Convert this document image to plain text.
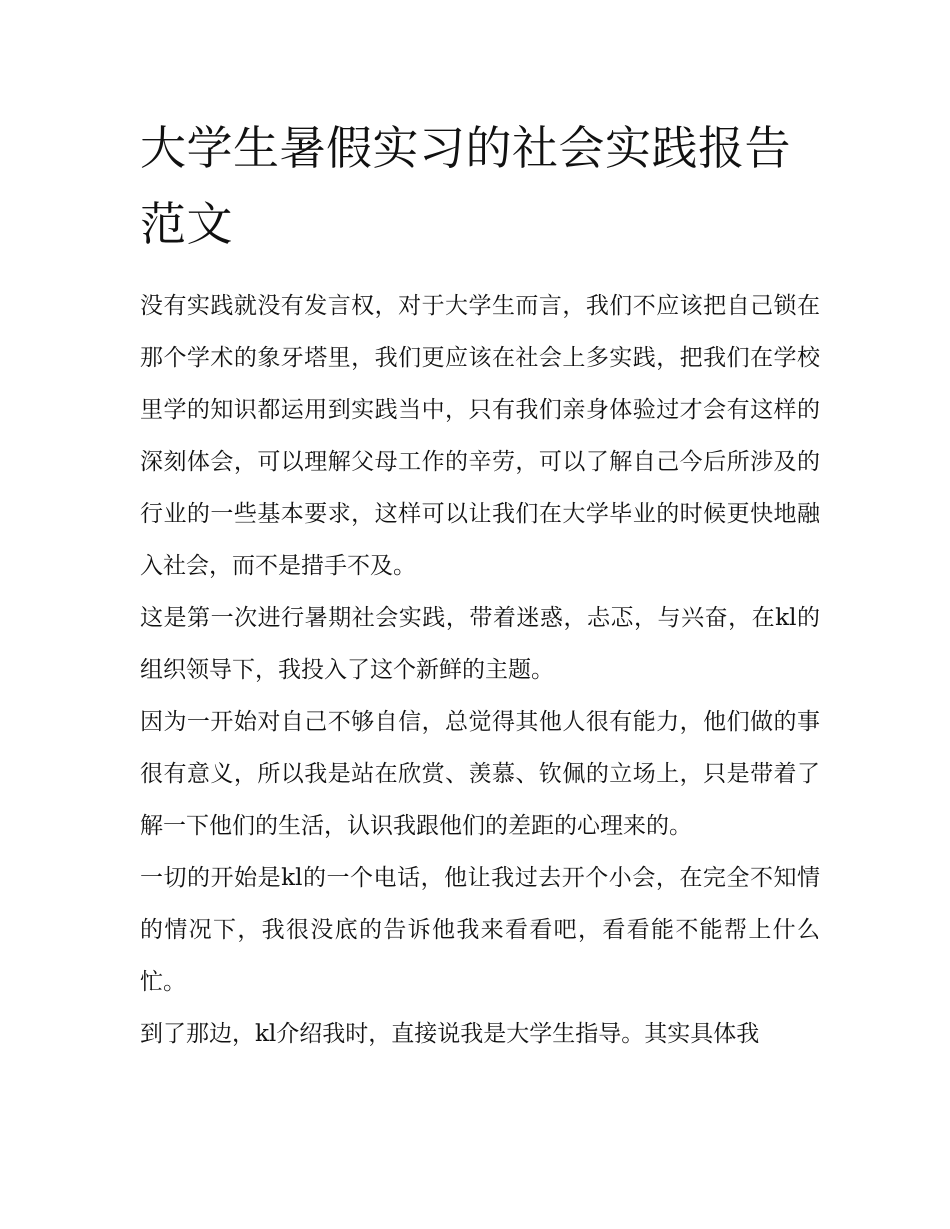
大学生暑假实习的社会实践报告范文

没有实践就没有发言权，对于大学生而言，我们不应该把自己锁在那个学术的象牙塔里，我们更应该在社会上多实践，把我们在学校里学的知识都运用到实践当中，只有我们亲身体验过才会有这样的深刻体会，可以理解父母工作的辛劳，可以了解自己今后所涉及的行业的一些基本要求，这样可以让我们在大学毕业的时候更快地融入社会，而不是措手不及。

这是第一次进行暑期社会实践，带着迷惑，忐忑，与兴奋，在kl的组织领导下，我投入了这个新鲜的主题。

因为一开始对自己不够自信，总觉得其他人很有能力，他们做的事很有意义，所以我是站在欣赏、羡慕、钦佩的立场上，只是带着了解一下他们的生活，认识我跟他们的差距的心理来的。

一切的开始是kl的一个电话，他让我过去开个小会，在完全不知情的情况下，我很没底的告诉他我来看看吧，看看能不能帮上什么忙。

到了那边，kl介绍我时，直接说我是大学生指导。其实具体我
